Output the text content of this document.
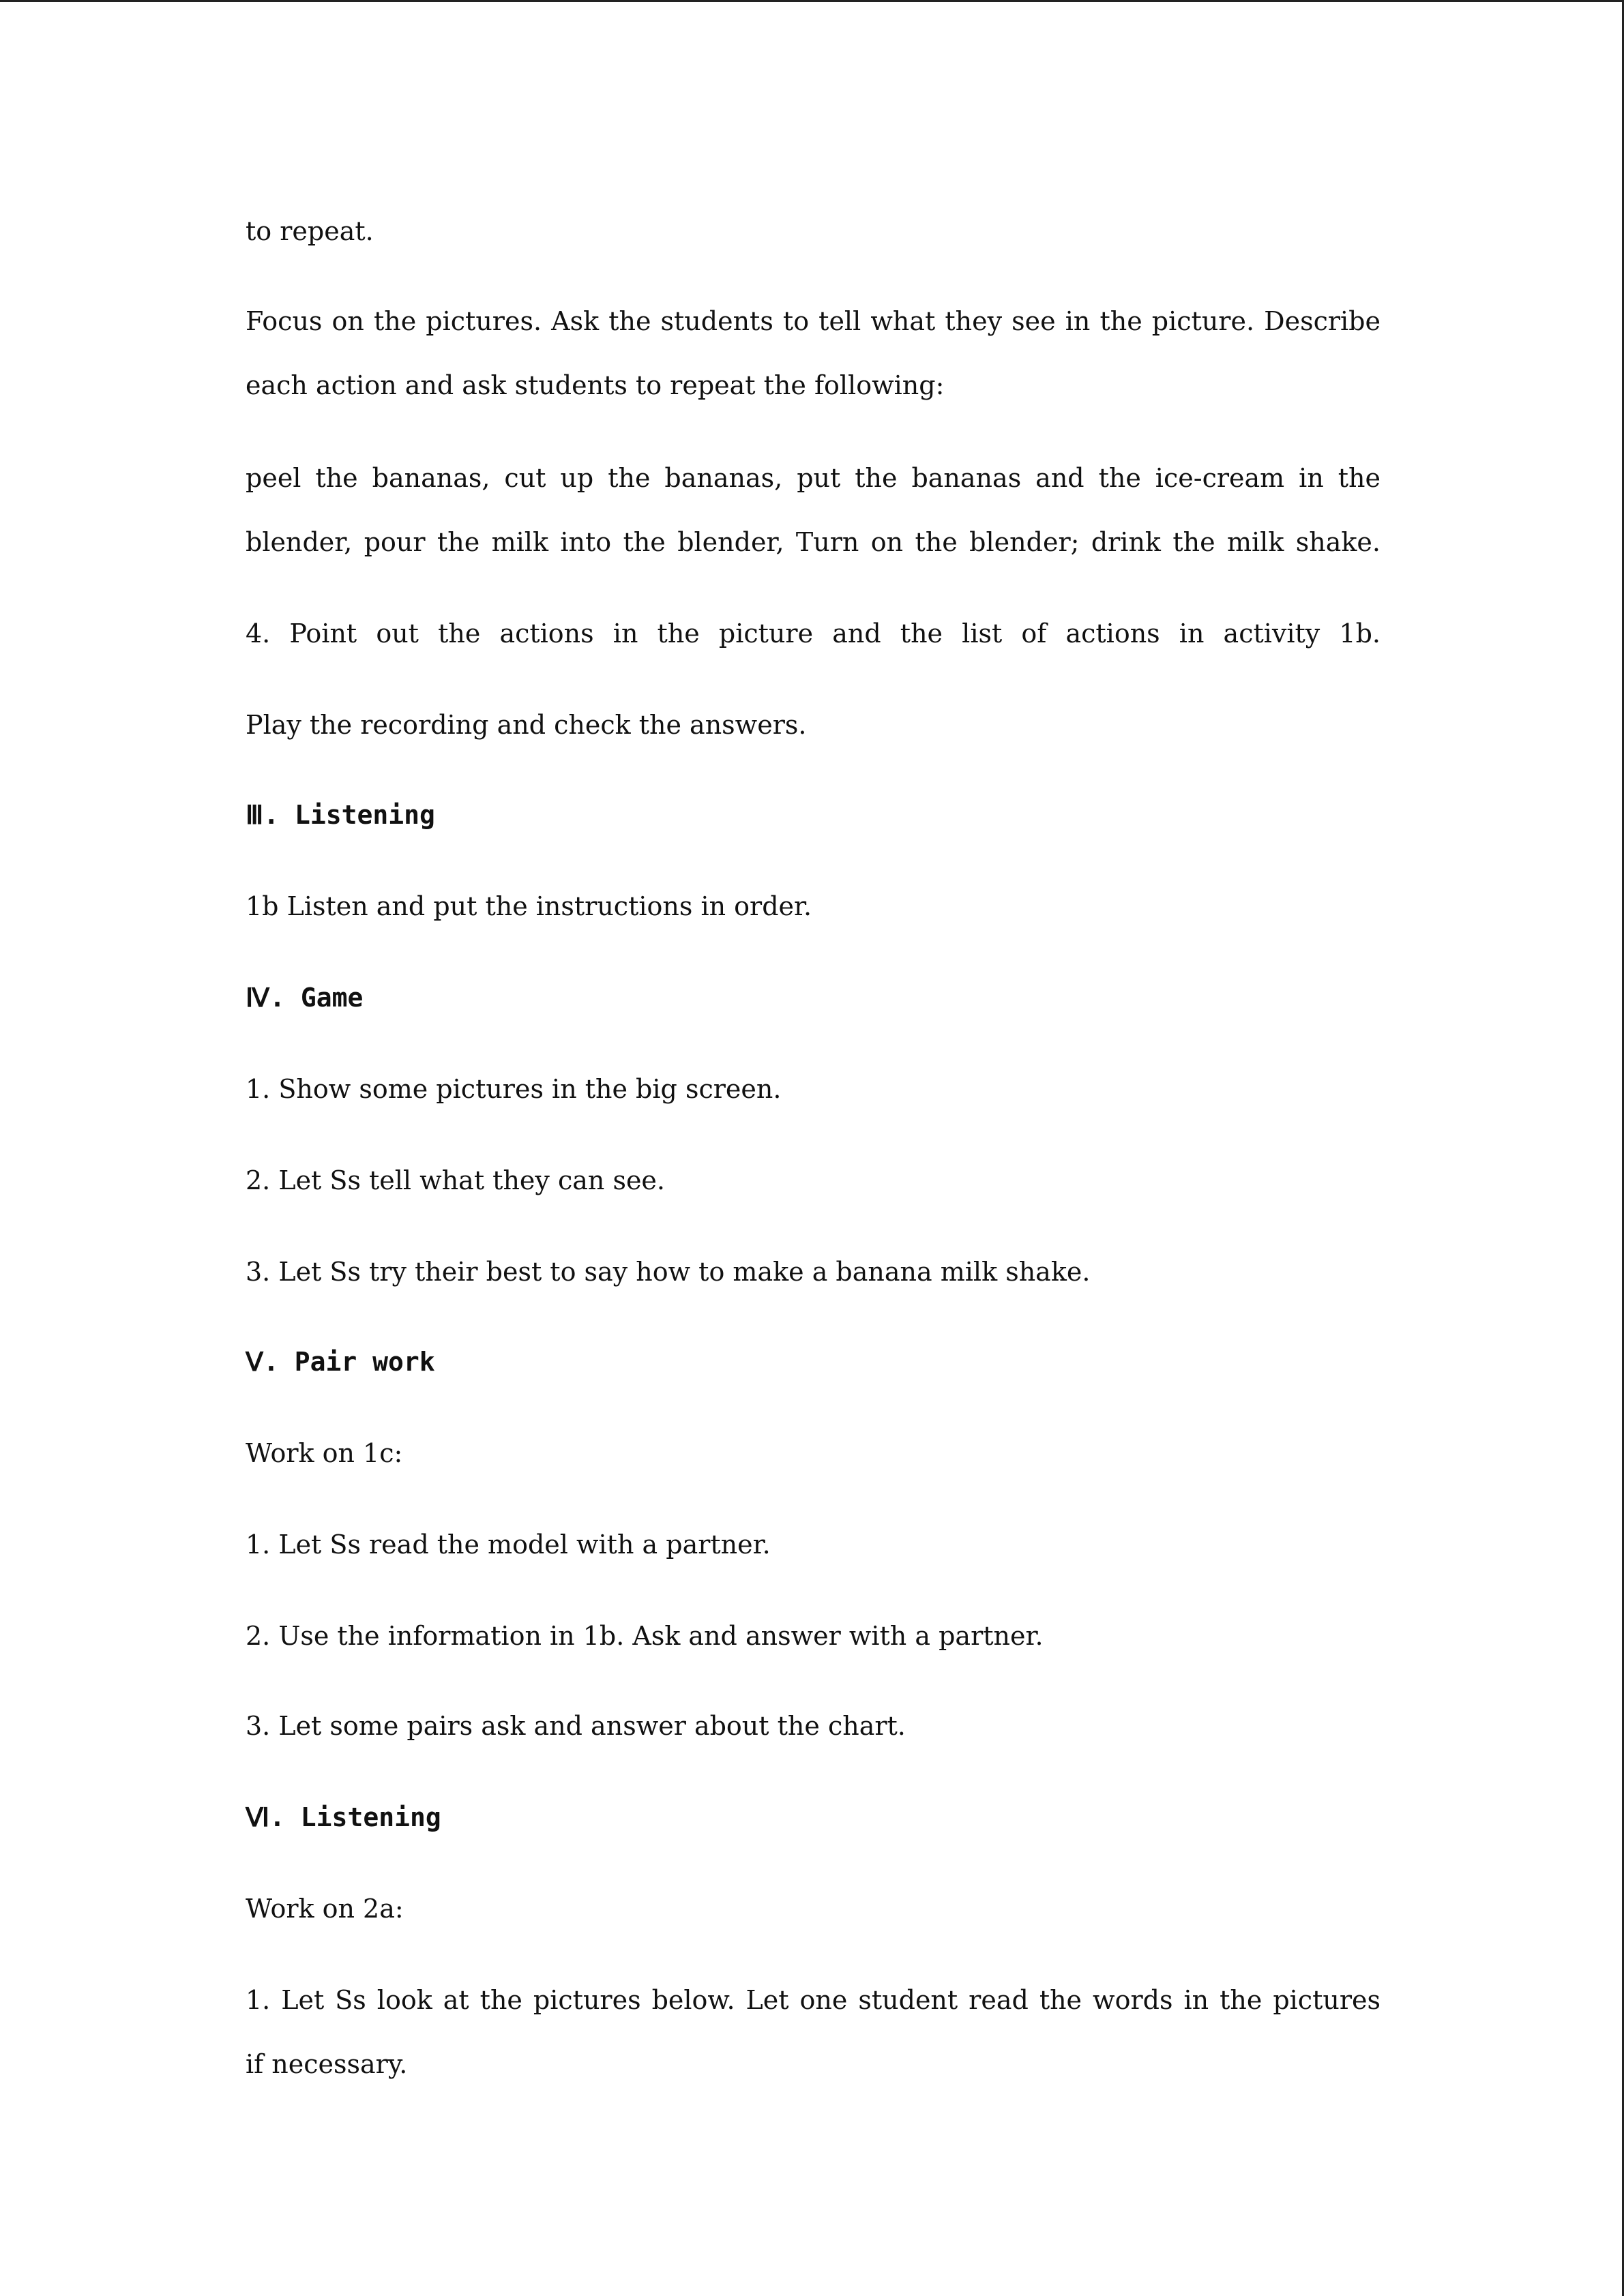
to repeat.
Focus on the pictures. Ask the students to tell what they see in the picture. Describe
each action and ask students to repeat the following:
peel the bananas, cut up the bananas, put the bananas and the ice-cream in the
blender, pour the milk into the blender, Turn on the blender; drink the milk shake.
4. Point out the actions in the picture and the list of actions in activity 1b.
Play the recording and check the answers.
Ⅲ. Listening
1b Listen and put the instructions in order.
Ⅳ. Game
1. Show some pictures in the big screen.
2. Let Ss tell what they can see.
3. Let Ss try their best to say how to make a banana milk shake.
Ⅴ. Pair work
Work on 1c:
1. Let Ss read the model with a partner.
2. Use the information in 1b. Ask and answer with a partner.
3. Let some pairs ask and answer about the chart.
Ⅵ. Listening
Work on 2a:
1. Let Ss look at the pictures below. Let one student read the words in the pictures
if necessary.
